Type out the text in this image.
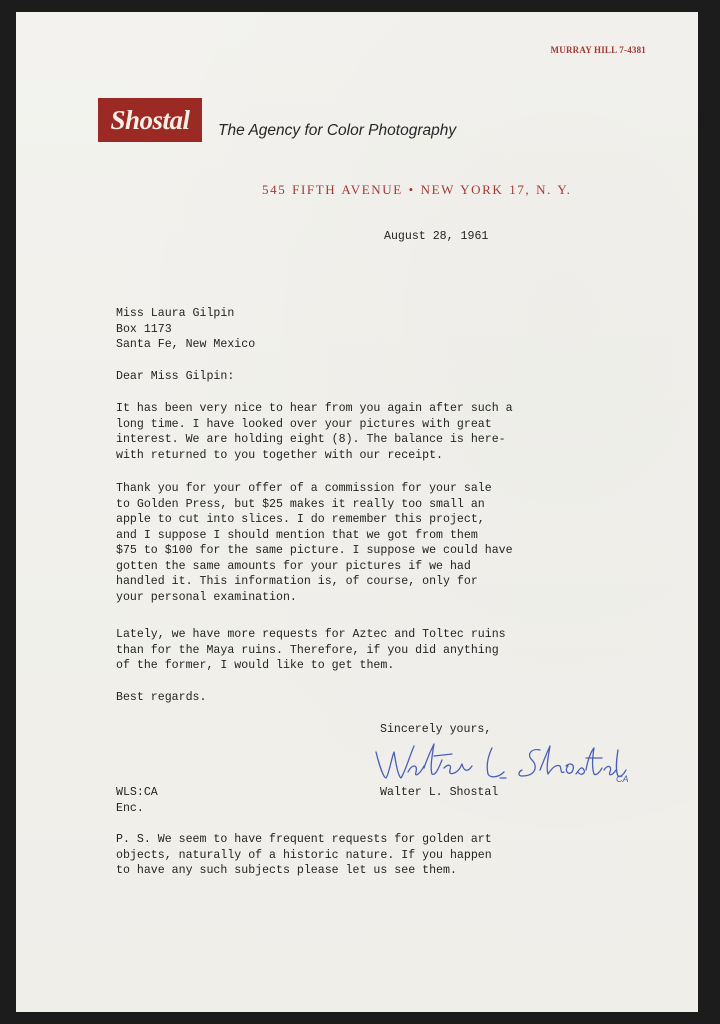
MURRAY HILL 7-4381
Shostal	The Agency for Color Photography
545 FIFTH AVENUE • NEW YORK 17, N. Y.
August 28, 1961
Miss Laura Gilpin
Box 1173
Santa Fe, New Mexico
Dear Miss Gilpin:
It has been very nice to hear from you again after such a
long time. I have looked over your pictures with great
interest. We are holding eight (8). The balance is here-
with returned to you together with our receipt.
Thank you for your offer of a commission for your sale
to Golden Press, but $25 makes it really too small an
apple to cut into slices. I do remember this project,
and I suppose I should mention that we got from them
$75 to $100 for the same picture. I suppose we could have
gotten the same amounts for your pictures if we had
handled it. This information is, of course, only for
your personal examination.
Lately, we have more requests for Aztec and Toltec ruins
than for the Maya ruins. Therefore, if you did anything
of the former, I would like to get them.
Best regards.
Sincerely yours,
CA
WLS:CA
Enc.
Walter L. Shostal
P. S. We seem to have frequent requests for golden art
objects, naturally of a historic nature. If you happen
to have any such subjects please let us see them.
